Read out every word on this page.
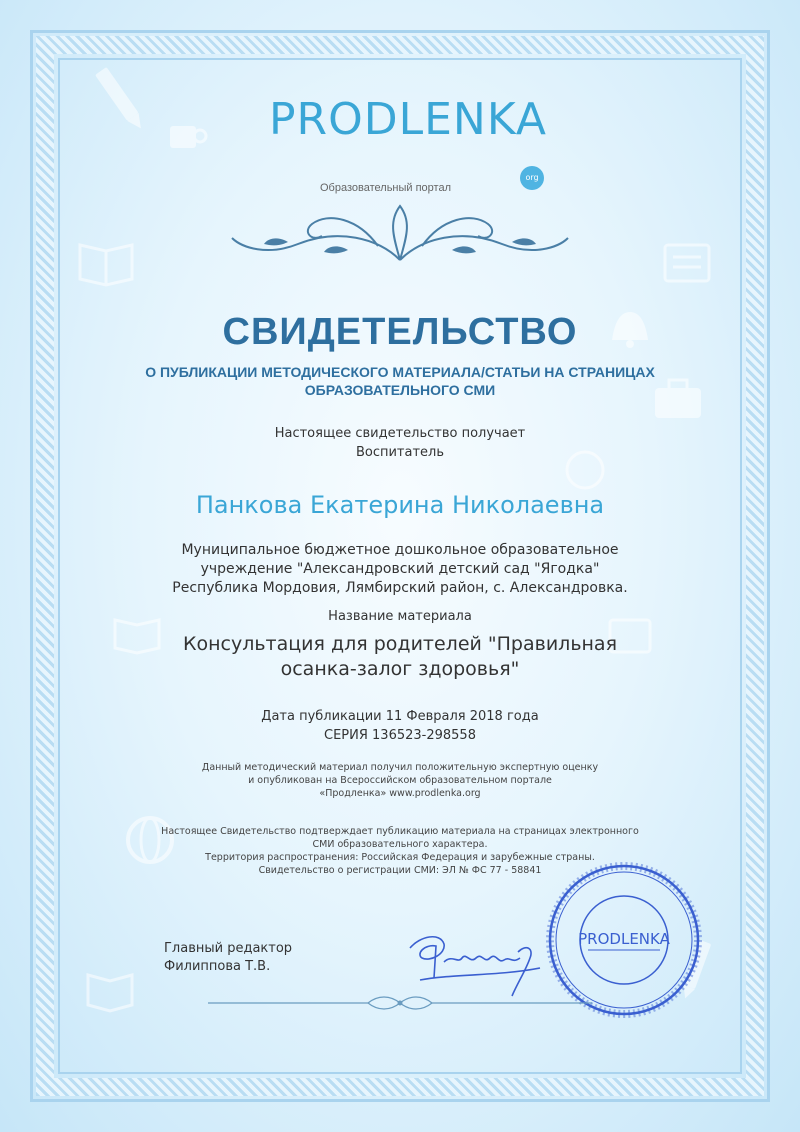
PRODLENKA
org
Образовательный портал
СВИДЕТЕЛЬСТВО
О ПУБЛИКАЦИИ МЕТОДИЧЕСКОГО МАТЕРИАЛА/СТАТЬИ НА СТРАНИЦАХ
ОБРАЗОВАТЕЛЬНОГО СМИ
Настоящее свидетельство получает
Воспитатель
Панкова Екатерина Николаевна
Муниципальное бюджетное дошкольное образовательное
учреждение "Александровский детский сад "Ягодка"
Республика Мордовия, Лямбирский район, с. Александровка.
Название материала
Консультация для родителей "Правильная
осанка-залог здоровья"
Дата публикации 11 Февраля 2018 года
СЕРИЯ 136523-298558
Данный методический материал получил положительную экспертную оценку
и опубликован на Всероссийском образовательном портале
«Продленка» www.prodlenka.org
Настоящее Свидетельство подтверждает публикацию материала на страницах электронного
СМИ образовательного характера.
Территория распространения: Российская Федерация и зарубежные страны.
Свидетельство о регистрации СМИ: ЭЛ № ФС 77 - 58841
Главный редактор
Филиппова Т.В.
PRODLENKA
